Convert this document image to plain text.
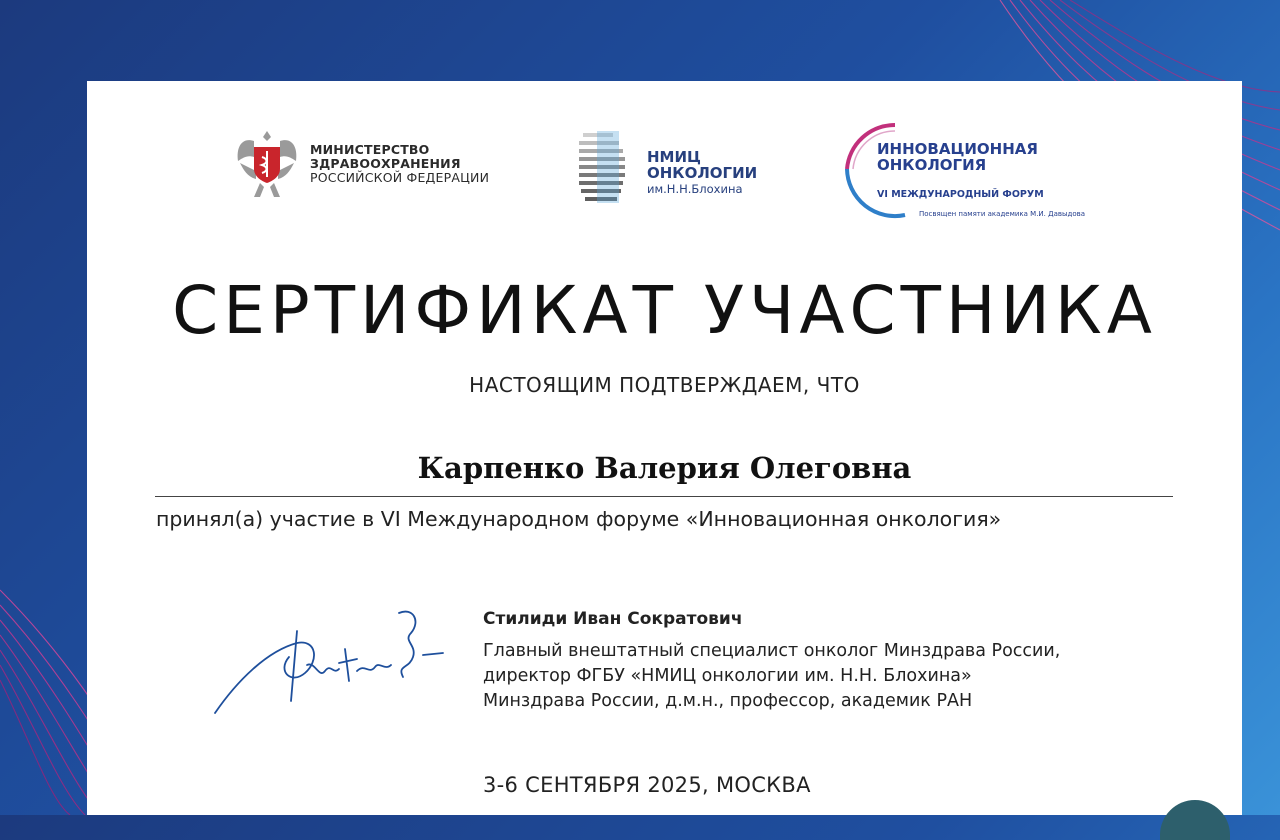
МИНИСТЕРСТВО
ЗДРАВООХРАНЕНИЯ
РОССИЙСКОЙ ФЕДЕРАЦИИ
НМИЦ
ОНКОЛОГИИ
им.Н.Н.Блохина
ИННОВАЦИОННАЯ
ОНКОЛОГИЯ
VI МЕЖДУНАРОДНЫЙ ФОРУМ
Посвящен памяти академика М.И. Давыдова
СЕРТИФИКАТ УЧАСТНИКА
НАСТОЯЩИМ ПОДТВЕРЖДАЕМ, ЧТО
Карпенко Валерия Олеговна
принял(а) участие в VI Международном форуме «Инновационная онкология»
Стилиди Иван Сократович
Главный внештатный специалист онколог Минздрава России,
директор ФГБУ «НМИЦ онкологии им. Н.Н. Блохина»
Минздрава России, д.м.н., профессор, академик РАН
3-6 СЕНТЯБРЯ 2025, МОСКВА
